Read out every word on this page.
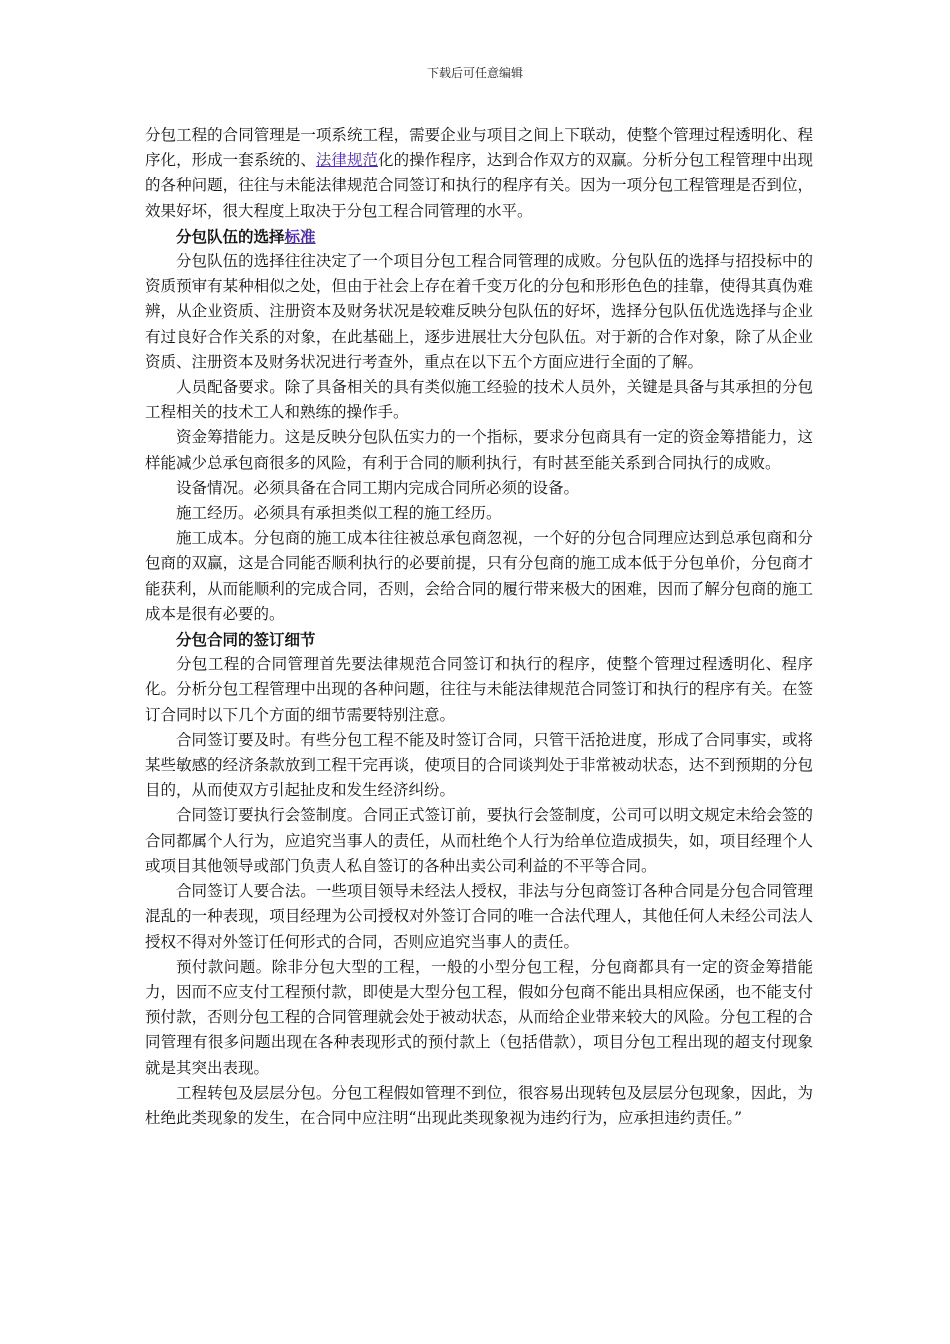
下载后可任意编辑

分包工程的合同管理是一项系统工程，需要企业与项目之间上下联动，使整个管理过程透明化、程序化，形成一套系统的、法律规范化的操作程序，达到合作双方的双赢。分析分包工程管理中出现的各种问题，往往与未能法律规范合同签订和执行的程序有关。因为一项分包工程管理是否到位，效果好坏，很大程度上取决于分包工程合同管理的水平。

分包队伍的选择标准

分包队伍的选择往往决定了一个项目分包工程合同管理的成败。分包队伍的选择与招投标中的资质预审有某种相似之处，但由于社会上存在着千变万化的分包和形形色色的挂靠，使得其真伪难辨，从企业资质、注册资本及财务状况是较难反映分包队伍的好坏，选择分包队伍优选选择与企业有过良好合作关系的对象，在此基础上，逐步进展壮大分包队伍。对于新的合作对象，除了从企业资质、注册资本及财务状况进行考查外，重点在以下五个方面应进行全面的了解。

人员配备要求。除了具备相关的具有类似施工经验的技术人员外，关键是具备与其承担的分包工程相关的技术工人和熟练的操作手。

资金筹措能力。这是反映分包队伍实力的一个指标，要求分包商具有一定的资金筹措能力，这样能减少总承包商很多的风险，有利于合同的顺利执行，有时甚至能关系到合同执行的成败。

设备情况。必须具备在合同工期内完成合同所必须的设备。

施工经历。必须具有承担类似工程的施工经历。

施工成本。分包商的施工成本往往被总承包商忽视，一个好的分包合同理应达到总承包商和分包商的双赢，这是合同能否顺利执行的必要前提，只有分包商的施工成本低于分包单价，分包商才能获利，从而能顺利的完成合同，否则，会给合同的履行带来极大的困难，因而了解分包商的施工成本是很有必要的。

分包合同的签订细节

分包工程的合同管理首先要法律规范合同签订和执行的程序，使整个管理过程透明化、程序化。分析分包工程管理中出现的各种问题，往往与未能法律规范合同签订和执行的程序有关。在签订合同时以下几个方面的细节需要特别注意。

合同签订要及时。有些分包工程不能及时签订合同，只管干活抢进度，形成了合同事实，或将某些敏感的经济条款放到工程干完再谈，使项目的合同谈判处于非常被动状态，达不到预期的分包目的，从而使双方引起扯皮和发生经济纠纷。

合同签订要执行会签制度。合同正式签订前，要执行会签制度，公司可以明文规定未给会签的合同都属个人行为，应追究当事人的责任，从而杜绝个人行为给单位造成损失，如，项目经理个人或项目其他领导或部门负责人私自签订的各种出卖公司利益的不平等合同。

合同签订人要合法。一些项目领导未经法人授权，非法与分包商签订各种合同是分包合同管理混乱的一种表现，项目经理为公司授权对外签订合同的唯一合法代理人，其他任何人未经公司法人授权不得对外签订任何形式的合同，否则应追究当事人的责任。

预付款问题。除非分包大型的工程，一般的小型分包工程，分包商都具有一定的资金筹措能力，因而不应支付工程预付款，即使是大型分包工程，假如分包商不能出具相应保函，也不能支付预付款，否则分包工程的合同管理就会处于被动状态，从而给企业带来较大的风险。分包工程的合同管理有很多问题出现在各种表现形式的预付款上（包括借款），项目分包工程出现的超支付现象就是其突出表现。

工程转包及层层分包。分包工程假如管理不到位，很容易出现转包及层层分包现象，因此，为杜绝此类现象的发生，在合同中应注明“出现此类现象视为违约行为，应承担违约责任。”
